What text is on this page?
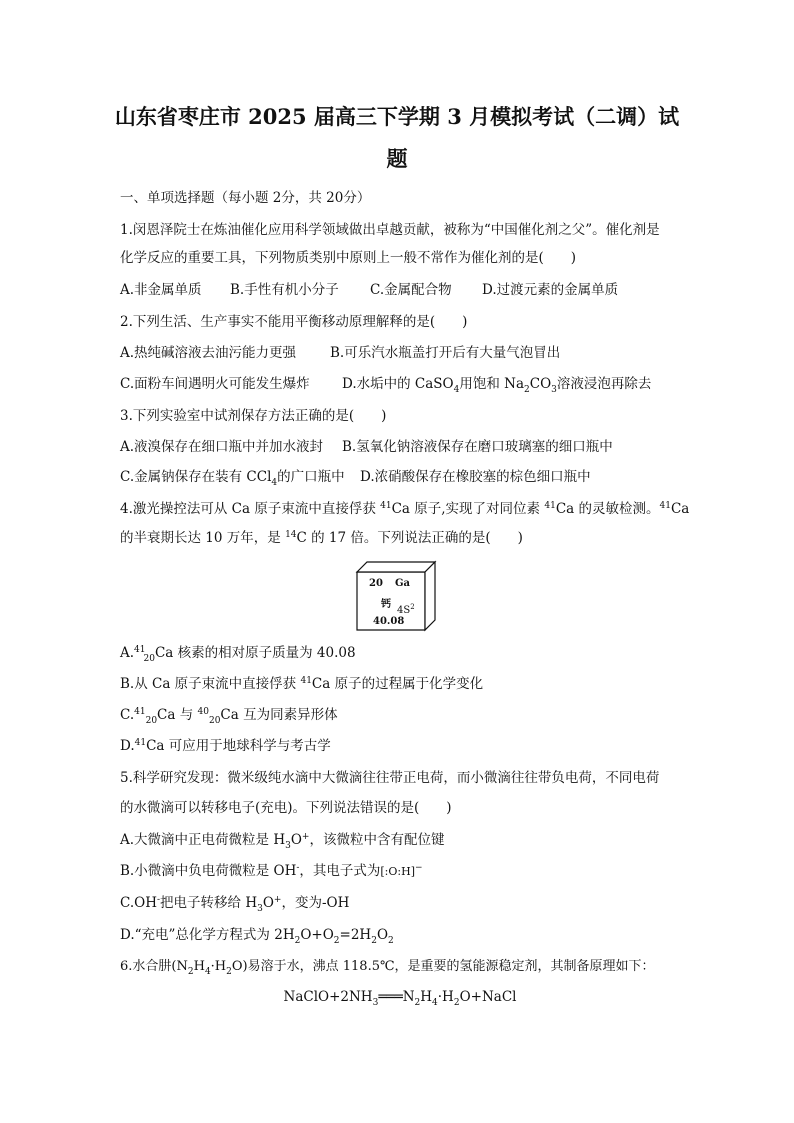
山东省枣庄市 2025 届高三下学期 3 月模拟考试（二调）试
题
一、单项选择题（每小题 2分，共 20分）
1.闵恩泽院士在炼油催化应用科学领域做出卓越贡献，被称为“中国催化剂之父”。催化剂是
化学反应的重要工具，下列物质类别中原则上一般不常作为催化剂的是(　　)
A.非金属单质	B.手性有机小分子	C.金属配合物	D.过渡元素的金属单质
2.下列生活、生产事实不能用平衡移动原理解释的是(　　)
A.热纯碱溶液去油污能力更强	B.可乐汽水瓶盖打开后有大量气泡冒出
C.面粉车间遇明火可能发生爆炸	D.水垢中的 CaSO$_4$用饱和 $Na_2CO_3$溶液浸泡再除去
3.下列实验室中试剂保存方法正确的是(　　)
A.液溴保存在细口瓶中并加水液封	B.氢氧化钠溶液保存在磨口玻璃塞的细口瓶中
C.金属钠保存在装有 CCl$_4$的广口瓶中	D.浓硝酸保存在橡胶塞的棕色细口瓶中
4.激光操控法可从 Ca 原子束流中直接俘获 $^{41}$Ca 原子,实现了对同位素 $^{41}$Ca 的灵敏检测。$^{41}$Ca
的半衰期长达 10 万年，是 $^{14}$C 的 17 倍。下列说法正确的是(　　)
20 Ga
钙
$4S^2$
40.08
A.$^{41}_{20}$Ca 核素的相对原子质量为 40.08
B.从 Ca 原子束流中直接俘获 $^{41}$Ca 原子的过程属于化学变化
C.$^{41}_{20}$Ca 与 $^{40}_{20}$Ca 互为同素异形体
D.$^{41}$Ca 可应用于地球科学与考古学
5.科学研究发现：微米级纯水滴中大微滴往往带正电荷，而小微滴往往带负电荷，不同电荷
的水微滴可以转移电子(充电)。下列说法错误的是(　　)
A.大微滴中正电荷微粒是 $H_3O^+$，该微粒中含有配位键
B.小微滴中负电荷微粒是 OH-，其电子式为[:O:H]−
C.OH-把电子转移给 $H_3O^+$，变为-OH
D.“充电”总化学方程式为 $2H_2O+O_2=2H_2O_2$
6.水合肼$(N_2H_4\cdot H_2O)$易溶于水，沸点 118.5℃，是重要的氢能源稳定剂，其制备原理如下：
$NaClO+2NH_3═══N_2H_4\cdot H_2O+NaCl$
